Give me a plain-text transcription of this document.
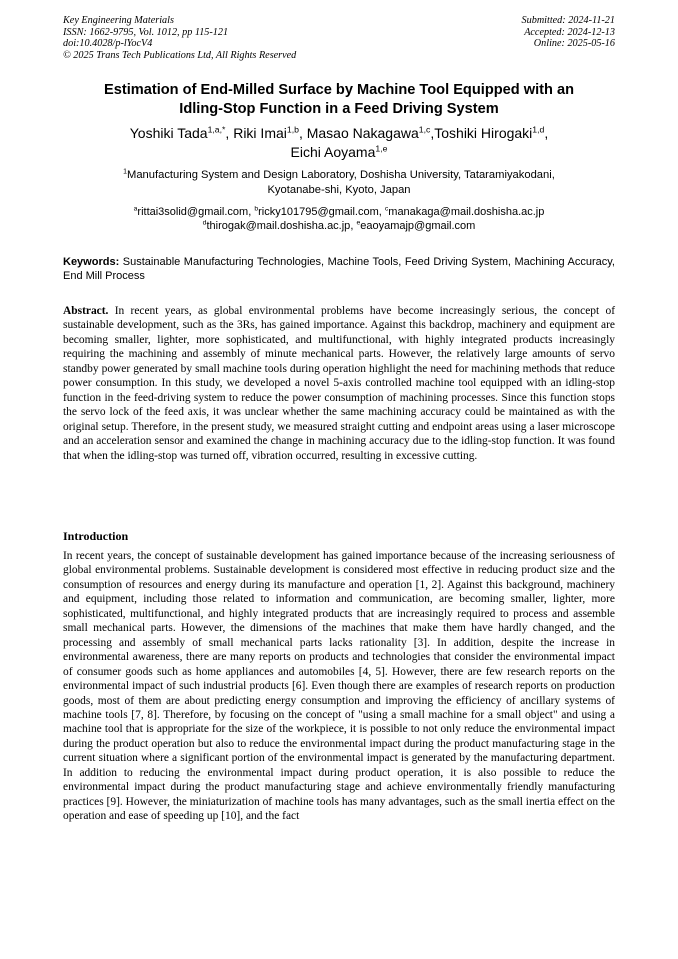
Key Engineering Materials
ISSN: 1662-9795, Vol. 1012, pp 115-121
doi:10.4028/p-lYocV4
© 2025 Trans Tech Publications Ltd, All Rights Reserved
Submitted: 2024-11-21
Accepted: 2024-12-13
Online: 2025-05-16
Estimation of End-Milled Surface by Machine Tool Equipped with an
Idling-Stop Function in a Feed Driving System
Yoshiki Tada$^{1,a,*}$, Riki Imai$^{1,b}$, Masao Nakagawa$^{1,c}$,Toshiki Hirogaki$^{1,d}$,
Eichi Aoyama$^{1,e}$
$^1$Manufacturing System and Design Laboratory, Doshisha University, Tataramiyakodani,
Kyotanabe-shi, Kyoto, Japan
$^a$rittai3solid@gmail.com, $^b$ricky101795@gmail.com, $^c$manakaga@mail.doshisha.ac.jp
$^d$thirogak@mail.doshisha.ac.jp, $^e$eaoyamajp@gmail.com
Keywords: Sustainable Manufacturing Technologies, Machine Tools, Feed Driving System, Machining Accuracy, End Mill Process
Abstract. In recent years, as global environmental problems have become increasingly serious, the concept of sustainable development, such as the 3Rs, has gained importance. Against this backdrop, machinery and equipment are becoming smaller, lighter, more sophisticated, and multifunctional, with highly integrated products increasingly requiring the machining and assembly of minute mechanical parts. However, the relatively large amounts of servo standby power generated by small machine tools during operation highlight the need for machining methods that reduce power consumption. In this study, we developed a novel 5-axis controlled machine tool equipped with an idling-stop function in the feed-driving system to reduce the power consumption of machining processes. Since this function stops the servo lock of the feed axis, it was unclear whether the same machining accuracy could be maintained as with the original setup. Therefore, in the present study, we measured straight cutting and endpoint areas using a laser microscope and an acceleration sensor and examined the change in machining accuracy due to the idling-stop function. It was found that when the idling-stop was turned off, vibration occurred, resulting in excessive cutting.
Introduction
In recent years, the concept of sustainable development has gained importance because of the increasing seriousness of global environmental problems. Sustainable development is considered most effective in reducing product size and the consumption of resources and energy during its manufacture and operation [1, 2]. Against this background, machinery and equipment, including those related to information and communication, are becoming smaller, lighter, more sophisticated, multifunctional, and highly integrated products that are increasingly required to process and assemble small mechanical parts. However, the dimensions of the machines that make them have hardly changed, and the processing and assembly of small mechanical parts lacks rationality [3]. In addition, despite the increase in environmental awareness, there are many reports on products and technologies that consider the environmental impact of consumer goods such as home appliances and automobiles [4, 5]. However, there are few research reports on the environmental impact of such industrial products [6]. Even though there are examples of research reports on production goods, most of them are about predicting energy consumption and improving the efficiency of ancillary systems of machine tools [7, 8]. Therefore, by focusing on the concept of "using a small machine for a small object" and using a machine tool that is appropriate for the size of the workpiece, it is possible to not only reduce the environmental impact during the product operation but also to reduce the environmental impact during the product manufacturing stage in the current situation where a significant portion of the environmental impact is generated by the manufacturing department. In addition to reducing the environmental impact during product operation, it is also possible to reduce the environmental impact during the product manufacturing stage and achieve environmentally friendly manufacturing practices [9]. However, the miniaturization of machine tools has many advantages, such as the small inertia effect on the operation and ease of speeding up [10], and the fact
